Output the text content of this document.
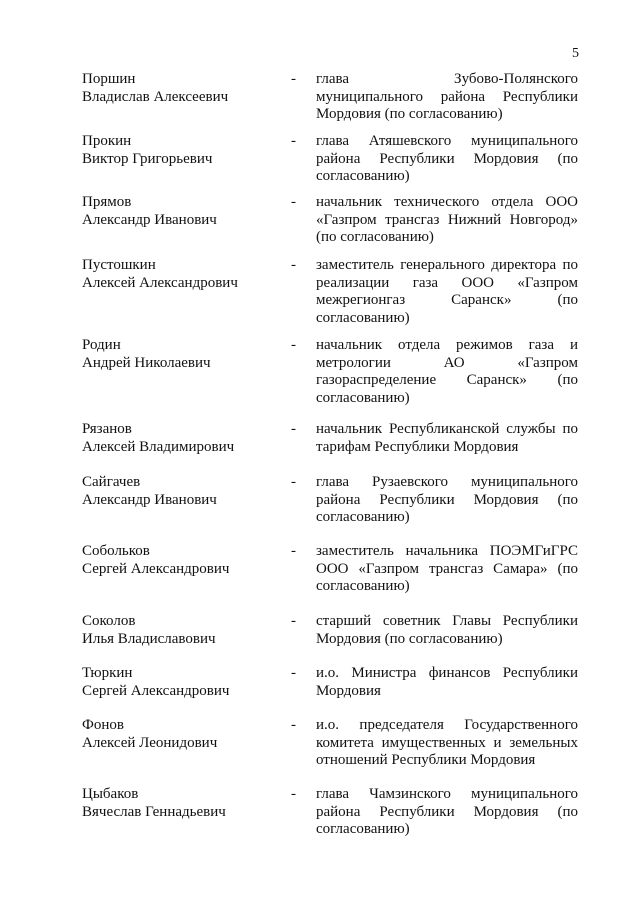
5
Поршин
Владислав Алексеевич
- глава Зубово-Полянского муниципального района Республики Мордовия (по согласованию)
Прокин
Виктор Григорьевич
- глава Атяшевского муниципального района Республики Мордовия (по согласованию)
Прямов
Александр Иванович
- начальник технического отдела ООО «Газпром трансгаз Нижний Новгород» (по согласованию)
Пустошкин
Алексей Александрович
- заместитель генерального директора по реализации газа ООО «Газпром межрегионгаз Саранск» (по согласованию)
Родин
Андрей Николаевич
- начальник отдела режимов газа и метрологии АО «Газпром газораспределение Саранск» (по согласованию)
Рязанов
Алексей Владимирович
- начальник Республиканской службы по тарифам Республики Мордовия
Сайгачев
Александр Иванович
- глава Рузаевского муниципального района Республики Мордовия (по согласованию)
Собольков
Сергей Александрович
- заместитель начальника ПОЭМГиГРС ООО «Газпром трансгаз Самара» (по согласованию)
Соколов
Илья Владиславович
- старший советник Главы Республики Мордовия (по согласованию)
Тюркин
Сергей Александрович
- и.о. Министра финансов Республики Мордовия
Фонов
Алексей Леонидович
- и.о. председателя Государственного комитета имущественных и земельных отношений Республики Мордовия
Цыбаков
Вячеслав Геннадьевич
- глава Чамзинского муниципального района Республики Мордовия (по согласованию)
